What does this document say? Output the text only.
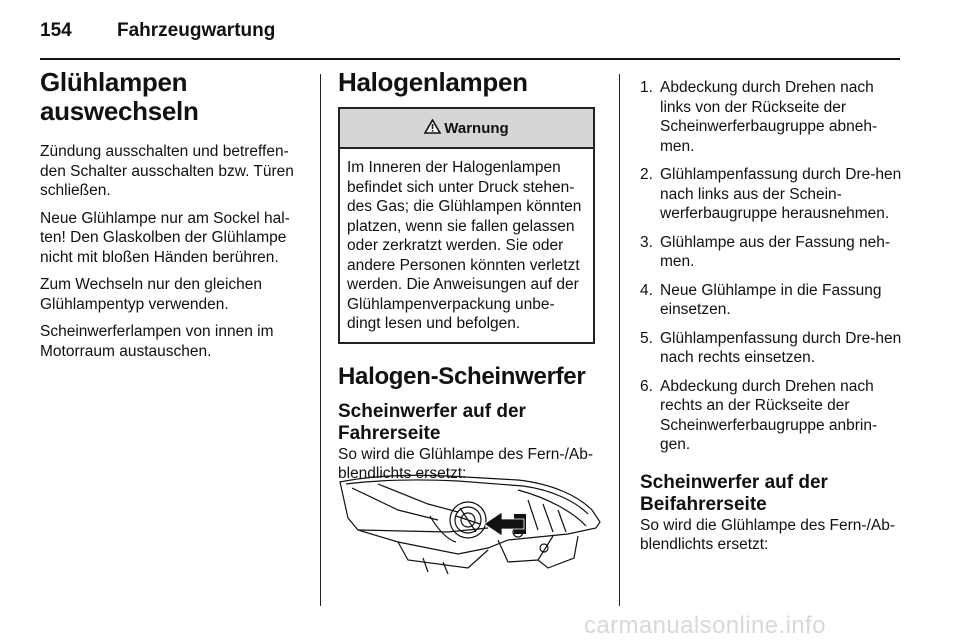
154 Fahrzeugwartung
Glühlampen
auswechseln

Zündung ausschalten und betreffen-den Schalter ausschalten bzw. Türen schließen.

Neue Glühlampe nur am Sockel hal-ten! Den Glaskolben der Glühlampe nicht mit bloßen Händen berühren.

Zum Wechseln nur den gleichen Glühlampentyp verwenden.

Scheinwerferlampen von innen im Motorraum austauschen.

Halogenlampen
Warnung
Im Inneren der Halogenlampen befindet sich unter Druck stehen-des Gas; die Glühlampen könnten platzen, wenn sie fallen gelassen oder zerkratzt werden. Sie oder andere Personen könnten verletzt werden. Die Anweisungen auf der Glühlampenverpackung unbe-dingt lesen und befolgen.
Halogen-Scheinwerfer
Scheinwerfer auf der
Fahrerseite

So wird die Glühlampe des Fern-/Ab-blendlichts ersetzt:

1. Abdeckung durch Drehen nach links von der Rückseite der Scheinwerferbaugruppe abneh-men.
2. Glühlampenfassung durch Dre-hen nach links aus der Schein-werferbaugruppe herausnehmen.
3. Glühlampe aus der Fassung neh-men.
4. Neue Glühlampe in die Fassung einsetzen.
5. Glühlampenfassung durch Dre-hen nach rechts einsetzen.
6. Abdeckung durch Drehen nach rechts an der Rückseite der Scheinwerferbaugruppe anbrin-gen.
Scheinwerfer auf der
Beifahrerseite

So wird die Glühlampe des Fern-/Ab-blendlichts ersetzt:

carmanualsonline.info
